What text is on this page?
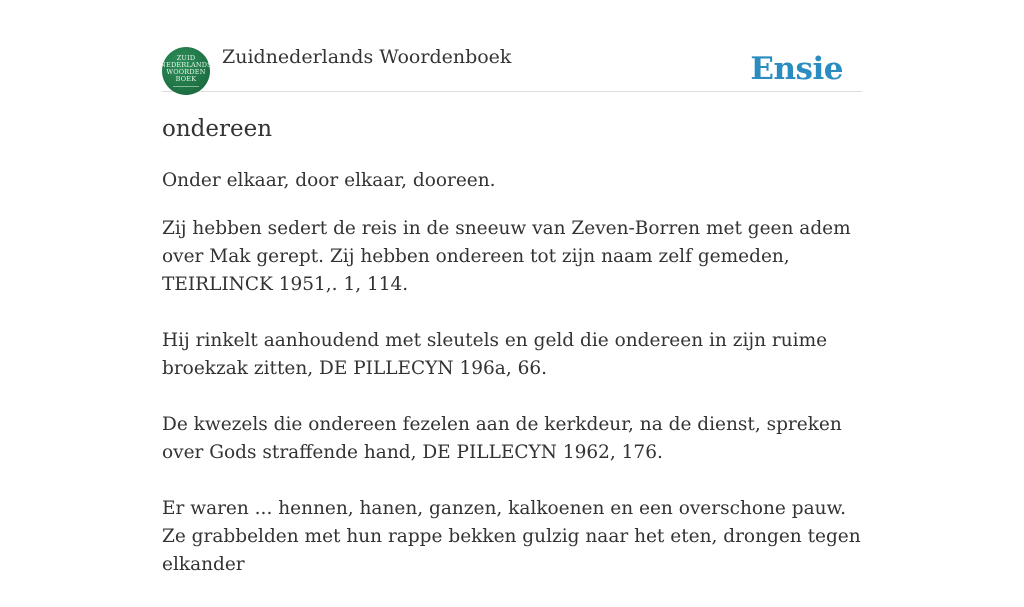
ZUID
NEDERLANDS
WOORDEN
BOEK
Zuidnederlands Woordenboek	Ensie
ondereen

Onder elkaar, door elkaar, dooreen.

Zij hebben sedert de reis in de sneeuw van Zeven-Borren met geen adem over Mak gerept. Zij hebben ondereen tot zijn naam zelf gemeden, TEIRLINCK 1951,. 1, 114.

Hij rinkelt aanhoudend met sleutels en geld die ondereen in zijn ruime broekzak zitten, DE PILLECYN 196a, 66.

De kwezels die ondereen fezelen aan de kerkdeur, na de dienst, spreken over Gods straffende hand, DE PILLECYN 1962, 176.

Er waren ... hennen, hanen, ganzen, kalkoenen en een overschone pauw. Ze grabbelden met hun rappe bekken gulzig naar het eten, drongen tegen elkander
